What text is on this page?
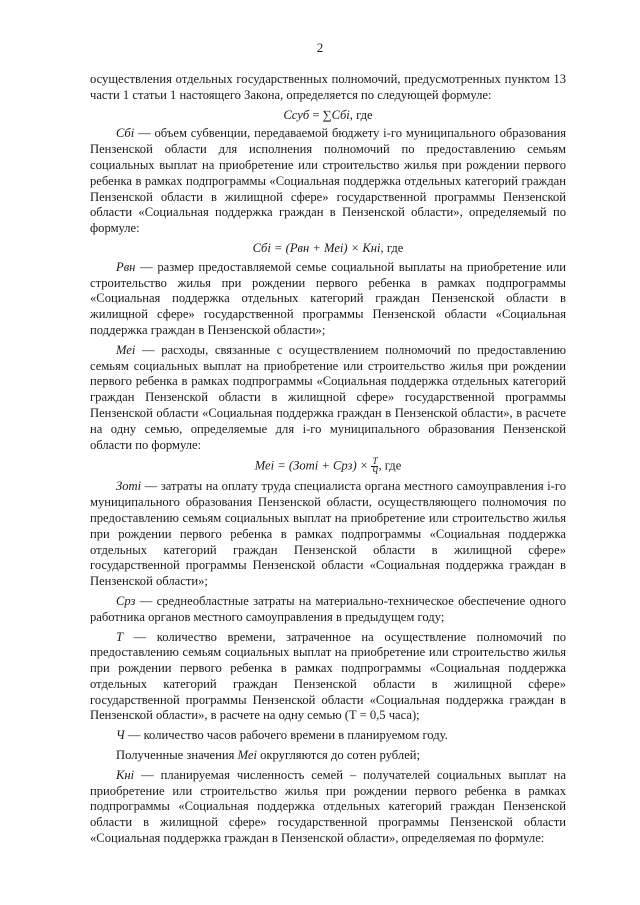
2

осуществления отдельных государственных полномочий, предусмотренных пунктом 13 части 1 статьи 1 настоящего Закона, определяется по следующей формуле:

Cсуб = ∑Cбi, где

Cбi — объем субвенции, передаваемой бюджету i-го муниципального образования Пензенской области для исполнения полномочий по предоставлению семьям социальных выплат на приобретение или строительство жилья при рождении первого ребенка в рамках подпрограммы «Социальная поддержка отдельных категорий граждан Пензенской области в жилищной сфере» государственной программы Пензенской области «Социальная поддержка граждан в Пензенской области», определяемый по формуле:

Cбi = (Рвн + Меi) × Кнi, где

Рвн — размер предоставляемой семье социальной выплаты на приобретение или строительство жилья при рождении первого ребенка в рамках подпрограммы «Социальная поддержка отдельных категорий граждан Пензенской области в жилищной сфере» государственной программы Пензенской области «Социальная поддержка граждан в Пензенской области»;

Меi — расходы, связанные с осуществлением полномочий по предоставлению семьям социальных выплат на приобретение или строительство жилья при рождении первого ребенка в рамках подпрограммы «Социальная поддержка отдельных категорий граждан Пензенской области в жилищной сфере» государственной программы Пензенской области «Социальная поддержка граждан в Пензенской области», в расчете на одну семью, определяемые для i-го муниципального образования Пензенской области по формуле:

Меi = (Зотi + $Срз) \times \frac{T}{Ч}$ , где

Зотi — затраты на оплату труда специалиста органа местного самоуправления i-го муниципального образования Пензенской области, осуществляющего полномочия по предоставлению семьям социальных выплат на приобретение или строительство жилья при рождении первого ребенка в рамках подпрограммы «Социальная поддержка отдельных категорий граждан Пензенской области в жилищной сфере» государственной программы Пензенской области «Социальная поддержка граждан в Пензенской области»;

Срз — среднеобластные затраты на материально-техническое обеспечение одного работника органов местного самоуправления в предыдущем году;

T — количество времени, затраченное на осуществление полномочий по предоставлению семьям социальных выплат на приобретение или строительство жилья при рождении первого ребенка в рамках подпрограммы «Социальная поддержка отдельных категорий граждан Пензенской области в жилищной сфере» государственной программы Пензенской области «Социальная поддержка граждан в Пензенской области», в расчете на одну семью (T = 0,5 часа);

Ч — количество часов рабочего времени в планируемом году.

Полученные значения Меi округляются до сотен рублей;

Кнi — планируемая численность семей – получателей социальных выплат на приобретение или строительство жилья при рождении первого ребенка в рамках подпрограммы «Социальная поддержка отдельных категорий граждан Пензенской области в жилищной сфере» государственной программы Пензенской области «Социальная поддержка граждан в Пензенской области», определяемая по формуле:
